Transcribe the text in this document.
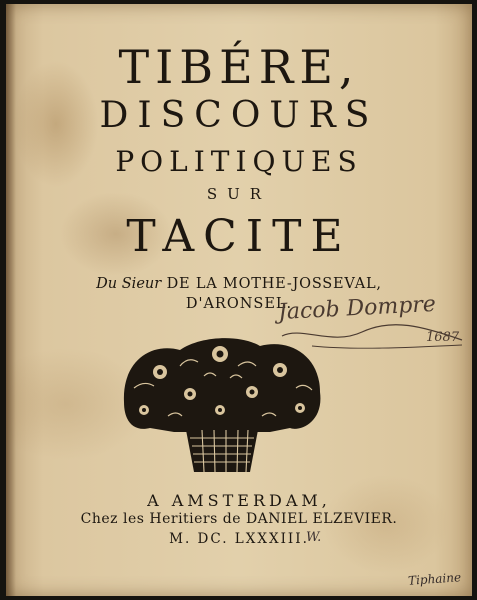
TIBÉRE,

DISCOURS

POLITIQUES

SUR

TACITE

Du Sieur DE LA MOTHE-JOSSEVAL,

D'ARONSEL.

Jacob Dompre
1687

A AMSTERDAM,

Chez les Heritiers de DANIEL ELZEVIER.

M. DC. LXXXIII.

W.
Tiphaine
